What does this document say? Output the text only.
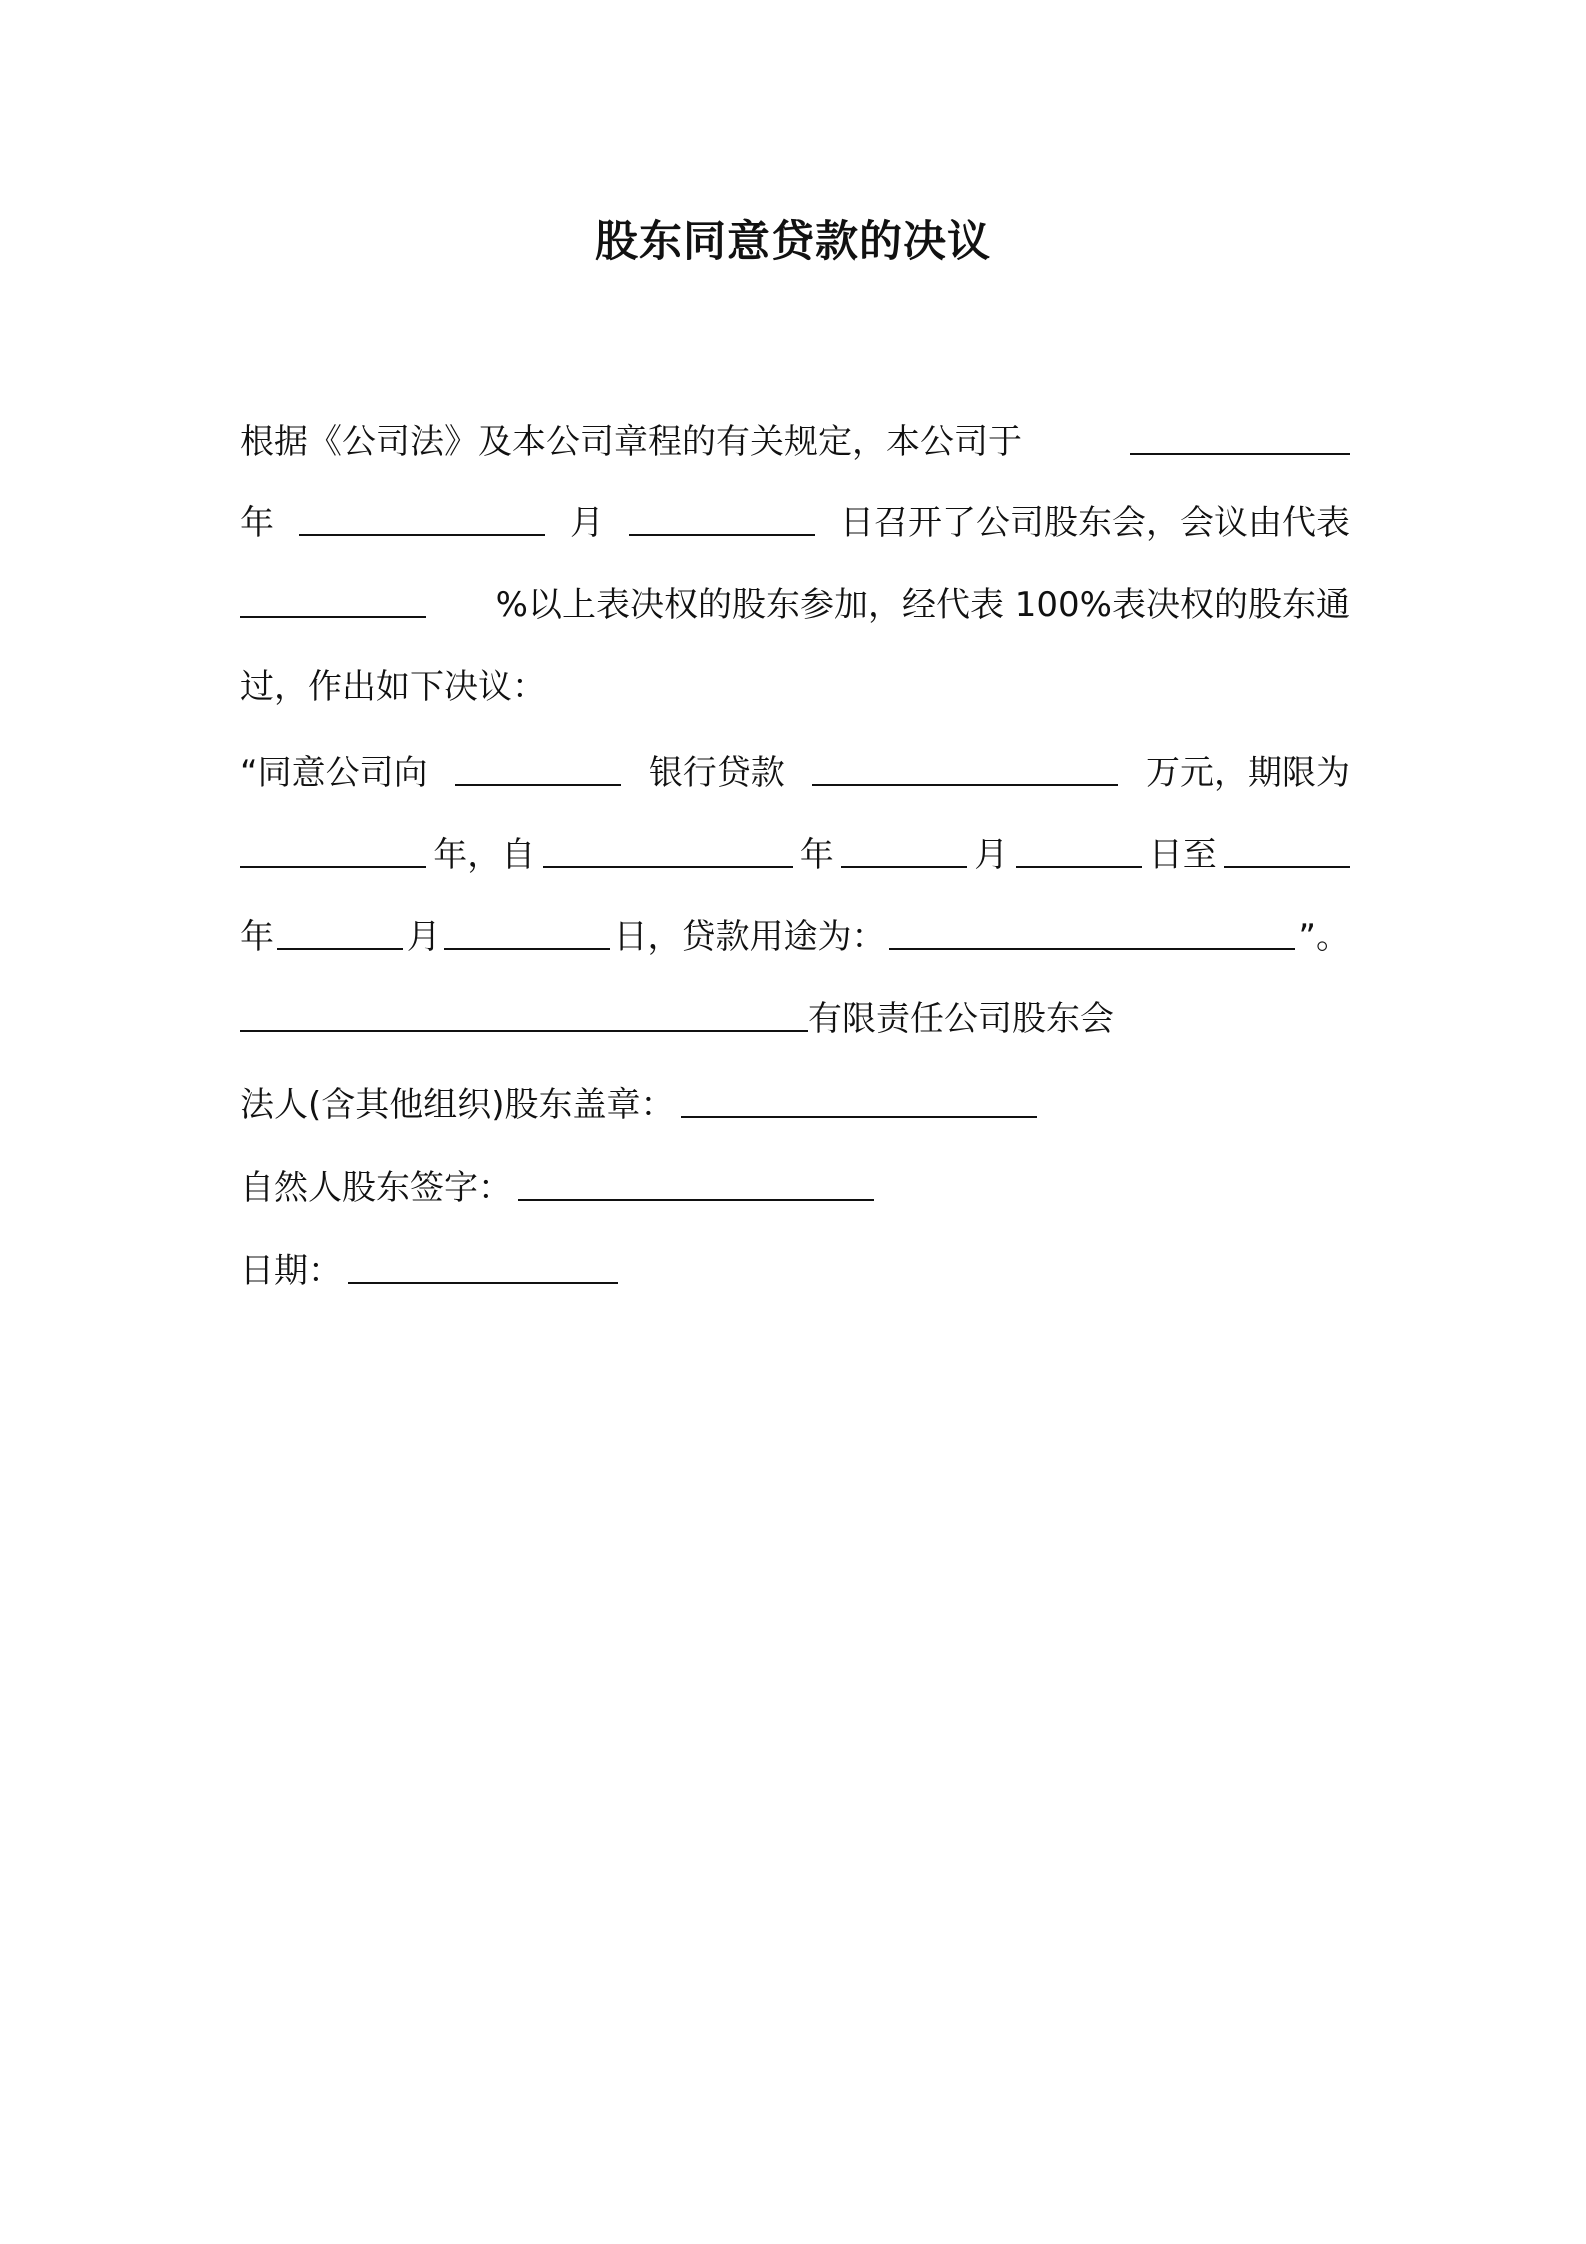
股东同意贷款的决议
根据《公司法》及本公司章程的有关规定，本公司于
年	月	日召开了公司股东会，会议由代表
%以上表决权的股东参加，经代表 100%表决权的股东通
过，作出如下决议：
“同意公司向	银行贷款	万元，期限为
年，自	年	月	日至
年	月	日，贷款用途为：	”。
有限责任公司股东会
法人(含其他组织)股东盖章：
自然人股东签字：
日期：
